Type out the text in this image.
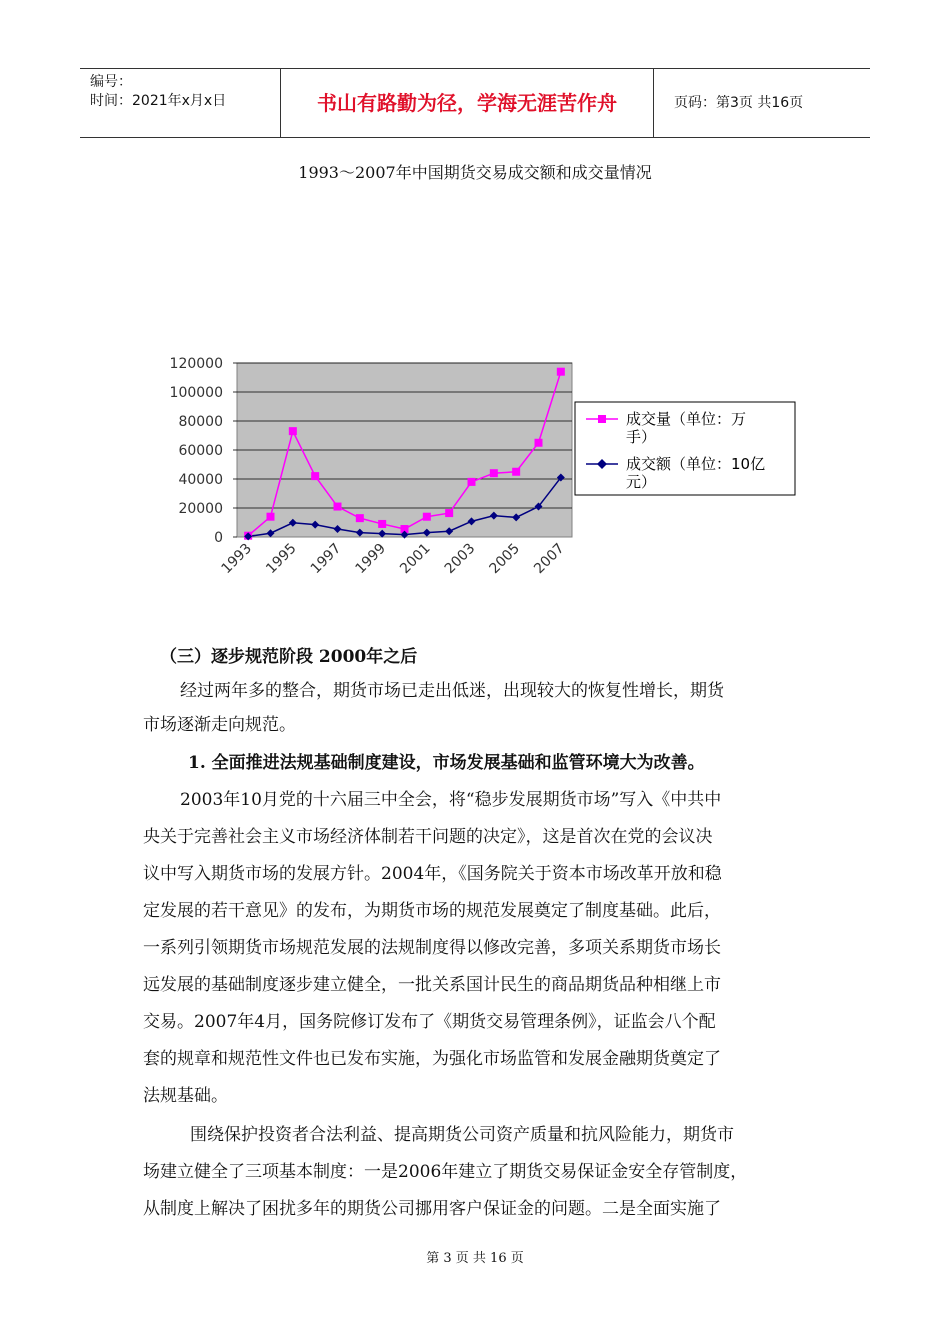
编号：
时间：2021年x月x日	书山有路勤为径，学海无涯苦作舟	页码：第3页 共16页
1993～2007年中国期货交易成交额和成交量情况
0
20000
40000
60000
80000
100000
120000
1993 1995 1997 1999 2001 2003 2005 2007
成交量（单位：万
手）
成交额（单位：10亿
元）
（三）逐步规范阶段 2000年之后
经过两年多的整合，期货市场已走出低迷，出现较大的恢复性增长，期货
市场逐渐走向规范。
1. 全面推进法规基础制度建设，市场发展基础和监管环境大为改善。
2003年10月党的十六届三中全会，将“稳步发展期货市场”写入《中共中
央关于完善社会主义市场经济体制若干问题的决定》，这是首次在党的会议决
议中写入期货市场的发展方针。2004年，《国务院关于资本市场改革开放和稳
定发展的若干意见》的发布，为期货市场的规范发展奠定了制度基础。此后，
一系列引领期货市场规范发展的法规制度得以修改完善，多项关系期货市场长
远发展的基础制度逐步建立健全，一批关系国计民生的商品期货品种相继上市
交易。2007年4月，国务院修订发布了《期货交易管理条例》，证监会八个配
套的规章和规范性文件也已发布实施，为强化市场监管和发展金融期货奠定了
法规基础。
围绕保护投资者合法利益、提高期货公司资产质量和抗风险能力，期货市
场建立健全了三项基本制度：一是2006年建立了期货交易保证金安全存管制度，
从制度上解决了困扰多年的期货公司挪用客户保证金的问题。二是全面实施了
第 3 页 共 16 页
